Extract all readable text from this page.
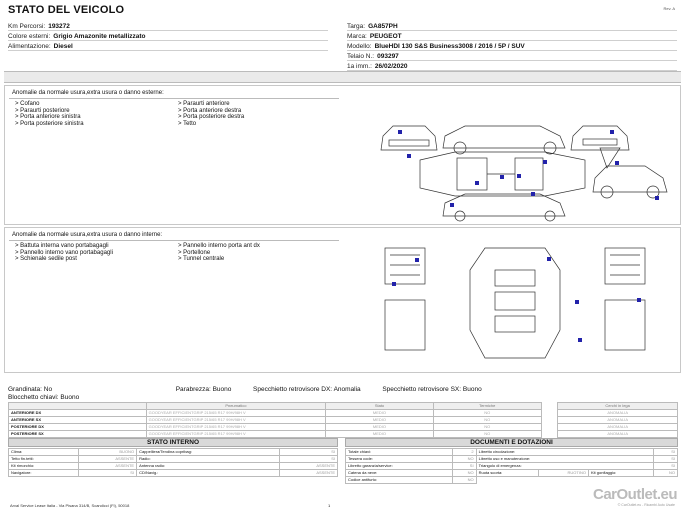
STATO DEL VEICOLO	Rev. A
Km Percorsi: 193272
Colore esterni: Grigio Amazonite metallizzato
Alimentazione: Diesel
Targa: GA857PH
Marca: PEUGEOT
Modello: BlueHDI 130 S&S Business3008 / 2016 / 5P / SUV
Telaio N.: 093297
1a imm.: 26/02/2020
Anomalie da normale usura,extra usura o danno esterne:
> Cofano
> Paraurti posteriore
> Porta anteriore sinistra
> Porta posteriore sinistra
> Paraurti anteriore
> Porta anteriore destra
> Porta posteriore destra
> Tetto
Anomalie da normale usura,extra usura o danno interne:
> Battuta interna vano portabagagli
> Pannello interno vano portabagagli
> Schienale sedile post
> Pannello interno porta ant dx
> Portellone
> Tunnel centrale
Grandinata: No	Parabrezza: Buono	Specchietto retrovisore DX: Anomalia	Specchietto retrovisore SX: Buono
Blocchetto chiavi: Buono
	Pneumatico	Stato	Termiche		Cerchi in lega
ANTERIORE DX	GOODYEAR EFFICIENTGRIP 215/65 R17 99H/98H V	MEDIO	NO		ANOMALIA
ANTERIORE SX	GOODYEAR EFFICIENTGRIP 215/65 R17 99H/98H V	MEDIO	NO		ANOMALIA
POSTERIORE DX	GOODYEAR EFFICIENTGRIP 215/65 R17 99H/98H V	MEDIO	NO		ANOMALIA
POSTERIORE SX	GOODYEAR EFFICIENTGRIP 215/65 R17 99H/98H V	MEDIO	NO		ANOMALIA
STATO INTERNO
Clima:	BUONO	Cappelliera/Tendina copribag:	SI
Tetto fin.tetti:	ASSENTE	Radio:	SI
Kit rimorchio:	ASSENTE	Antenna radio:	ASSENTE
Navigatore:	SI	CD/Navig.:	ASSENTE
DOCUMENTI E DOTAZIONI
Totale chiavi:	2	Libretto circolazione:			SI
Tessera code:	NO	Libretto uso e manutenzione:			SI
Libretto garanzia/service:	SI	Triangolo di emergenza:			SI
Catena da neve:	NO	Ruota scorta:	RUOTINO	Kit gonfiaggio:	NO
Codice antifurto:	NO				
Arval Service Lease Italia - Via Pisana 314/B, Scandicci (FI), 50018	1
CarOutlet.eu
© CarOutlet.eu - Ricambi Auto Usate
